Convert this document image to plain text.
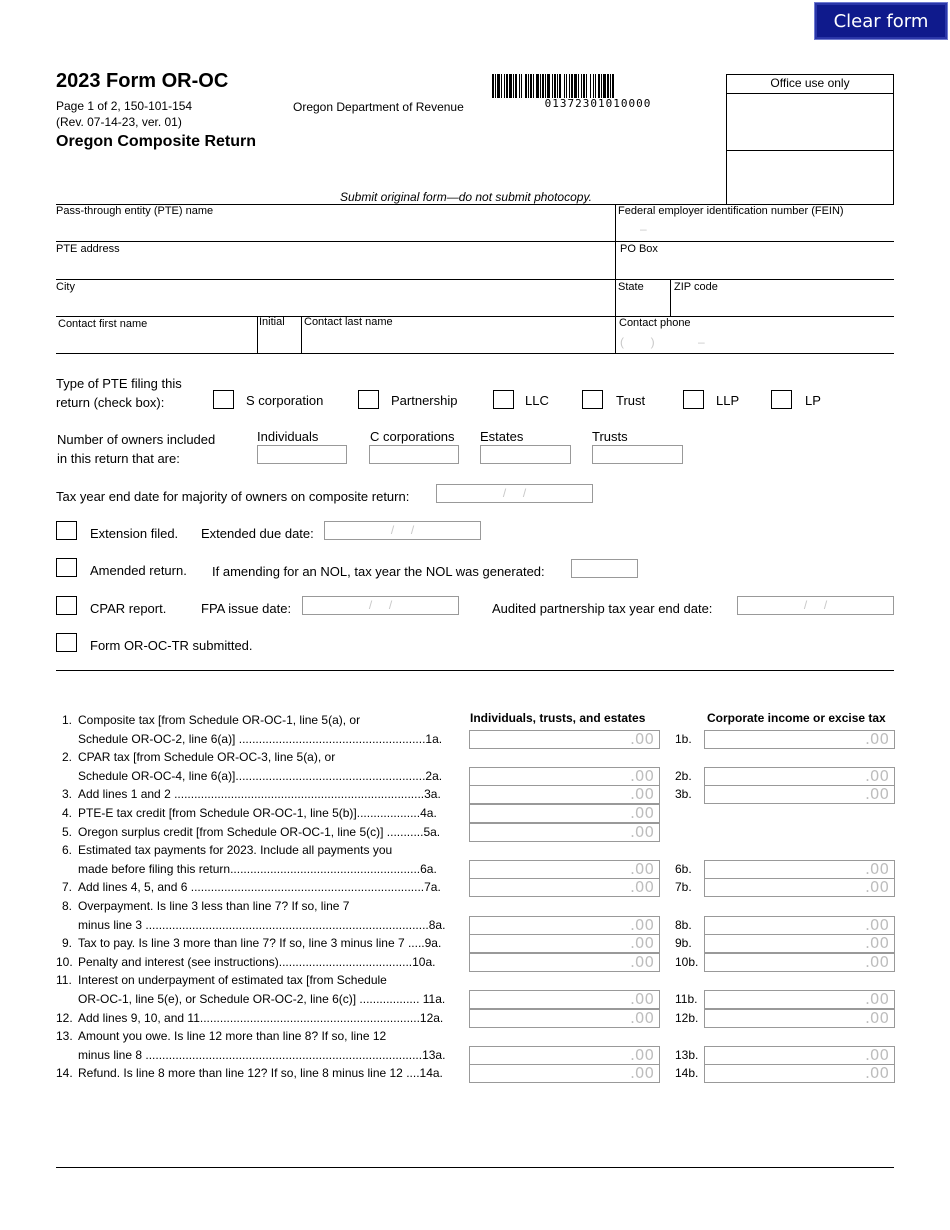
Clear form
2023 Form OR-OC
Page 1 of 2, 150-101-154
(Rev. 07-14-23, ver. 01)
Oregon Department of Revenue
Oregon Composite Return
01372301010000
Office use only
Submit original form—do not submit photocopy.
Pass-through entity (PTE) name	Federal employer identification number (FEIN)
–
PTE address	PO Box
City	State	ZIP code
Contact first name	Initial Contact last name	Contact phone
(        )             –
Type of PTE filing this
return (check box):	S corporation	Partnership	LLC	Trust	LLP	LP
Number of owners included
in this return that are:
Individuals	C corporations Estates	Trusts
Tax year end date for majority of owners on composite return:	/     /
Extension filed. Extended due date:	/     /
Amended return. If amending for an NOL, tax year the NOL was generated:
CPAR report.	FPA issue date:	/     /	Audited partnership tax year end date:	/     /
Form OR-OC-TR submitted.
Individuals, trusts, and estates	Corporate income or excise tax
1. Composite tax [from Schedule OR-OC-1, line 5(a), or
Schedule OR-OC-2, line 6(a)] ........................................................1a.	.00	1b.	.00
2. CPAR tax [from Schedule OR-OC-3, line 5(a), or
Schedule OR-OC-4, line 6(a)].........................................................2a.	.00	2b.	.00
3. Add lines 1 and 2 ...........................................................................3a.	.00	3b.	.00
4. PTE-E tax credit [from Schedule OR-OC-1, line 5(b)]...................4a.	.00
5. Oregon surplus credit [from Schedule OR-OC-1, line 5(c)] ...........5a.	.00
6. Estimated tax payments for 2023. Include all payments you
made before filing this return.........................................................6a.	.00	6b.	.00
7. Add lines 4, 5, and 6 ......................................................................7a.	.00	7b.	.00
8. Overpayment. Is line 3 less than line 7? If so, line 7
minus line 3 .....................................................................................8a.	.00	8b.	.00
9. Tax to pay. Is line 3 more than line 7? If so, line 3 minus line 7 .....9a.	.00	9b.	.00
10. Penalty and interest (see instructions)........................................10a.	.00	10b.	.00
11. Interest on underpayment of estimated tax [from Schedule
OR-OC-1, line 5(e), or Schedule OR-OC-2, line 6(c)] .................. 11a.	.00	11b.	.00
12. Add lines 9, 10, and 11..................................................................12a.	.00	12b.	.00
13. Amount you owe. Is line 12 more than line 8? If so, line 12
minus line 8 ...................................................................................13a.	.00	13b.	.00
14. Refund. Is line 8 more than line 12? If so, line 8 minus line 12 ....14a.	.00	14b.	.00
